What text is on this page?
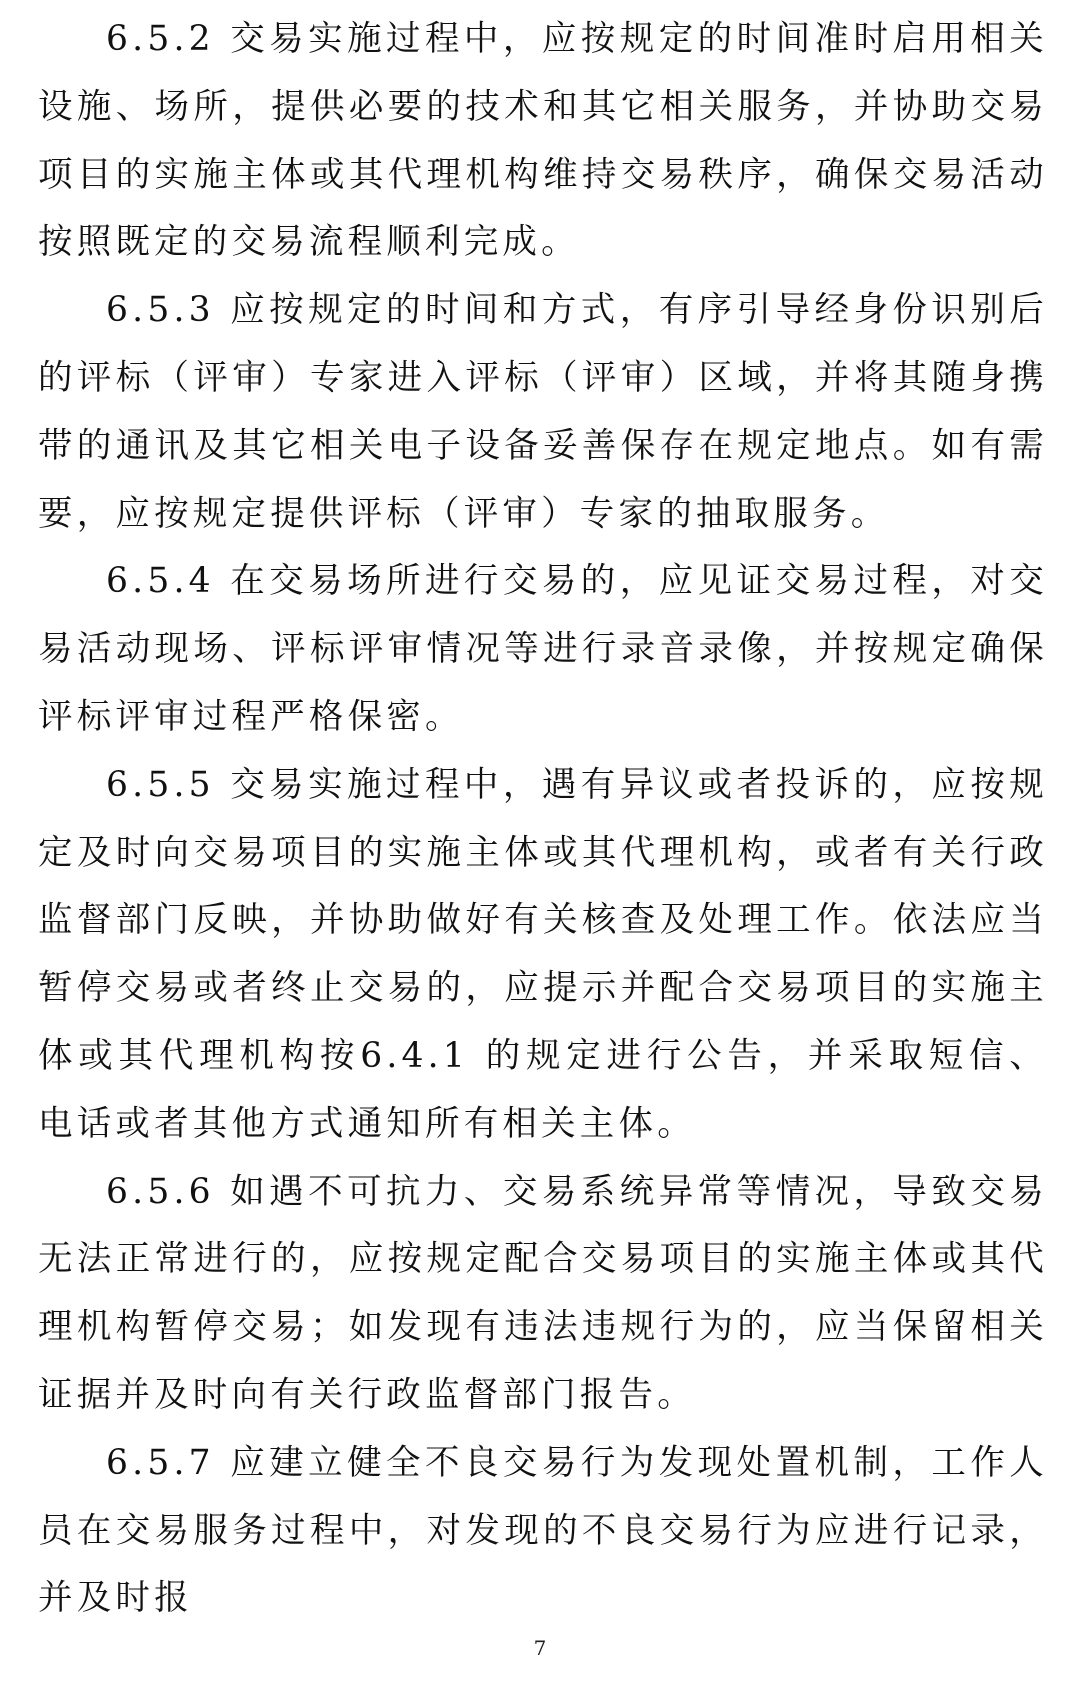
6.5.2 交易实施过程中，应按规定的时间准时启用相关设施、场所，提供必要的技术和其它相关服务，并协助交易项目的实施主体或其代理机构维持交易秩序，确保交易活动按照既定的交易流程顺利完成。

6.5.3 应按规定的时间和方式，有序引导经身份识别后的评标（评审）专家进入评标（评审）区域，并将其随身携带的通讯及其它相关电子设备妥善保存在规定地点。如有需要，应按规定提供评标（评审）专家的抽取服务。

6.5.4 在交易场所进行交易的，应见证交易过程，对交易活动现场、评标评审情况等进行录音录像，并按规定确保评标评审过程严格保密。

6.5.5 交易实施过程中，遇有异议或者投诉的，应按规定及时向交易项目的实施主体或其代理机构，或者有关行政监督部门反映，并协助做好有关核查及处理工作。依法应当暂停交易或者终止交易的，应提示并配合交易项目的实施主体或其代理机构按6.4.1 的规定进行公告，并采取短信、电话或者其他方式通知所有相关主体。

6.5.6 如遇不可抗力、交易系统异常等情况，导致交易无法正常进行的，应按规定配合交易项目的实施主体或其代理机构暂停交易；如发现有违法违规行为的，应当保留相关证据并及时向有关行政监督部门报告。

6.5.7 应建立健全不良交易行为发现处置机制，工作人员在交易服务过程中，对发现的不良交易行为应进行记录，并及时报

7
